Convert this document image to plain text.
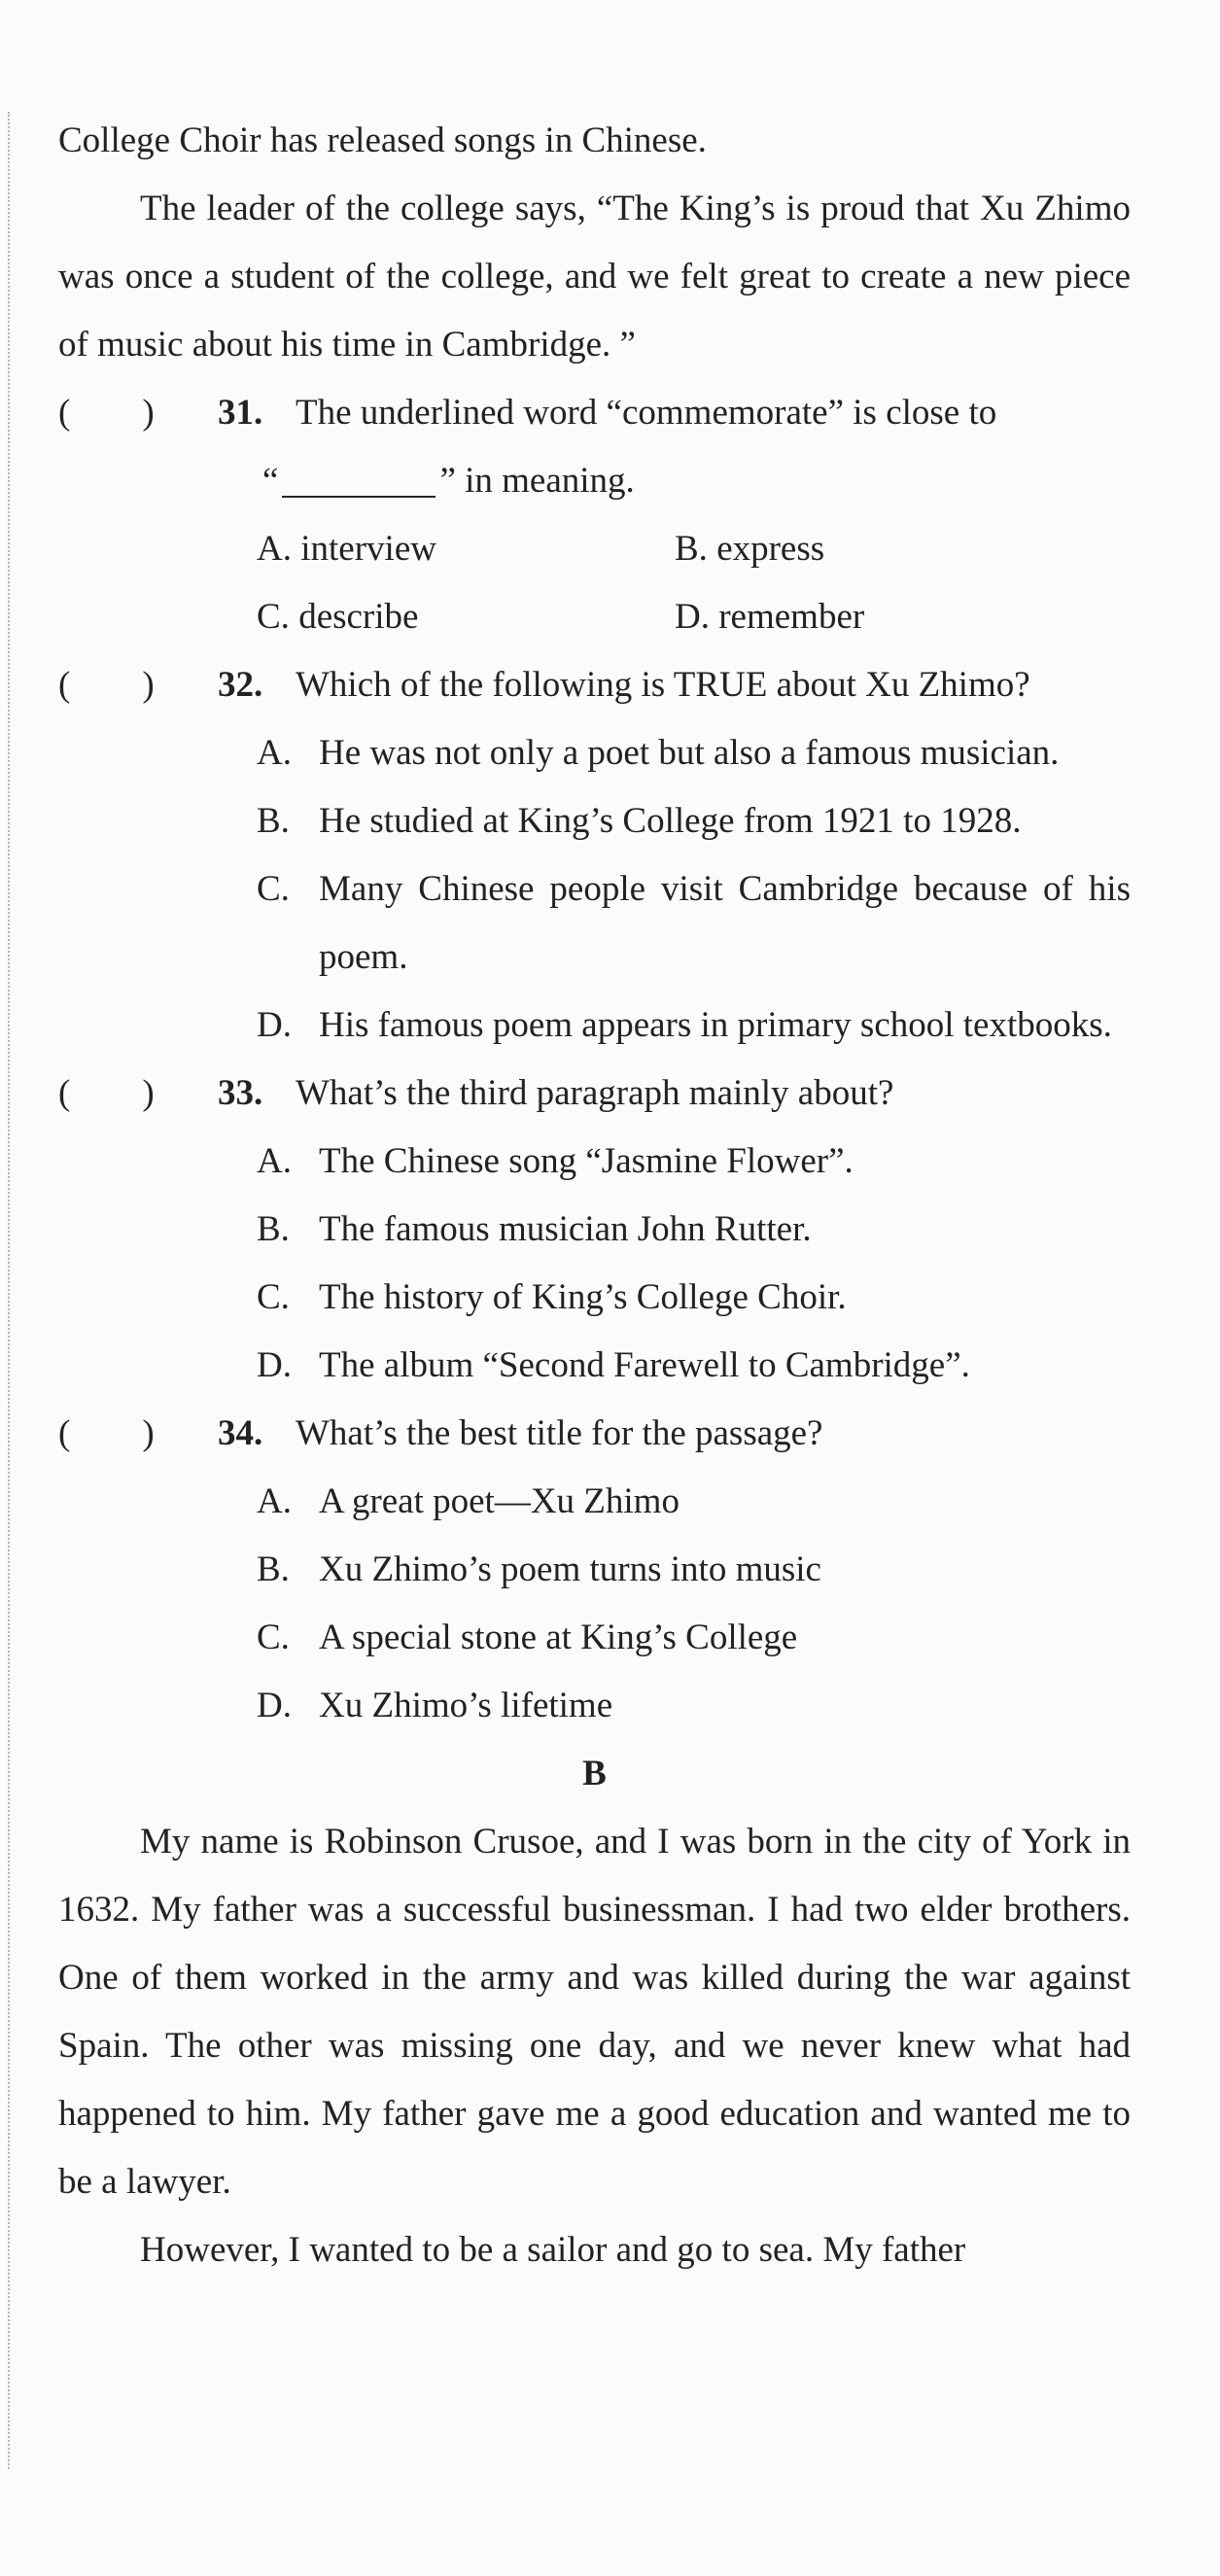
College Choir has released songs in Chinese.

The leader of the college says, “The King’s is proud that Xu Zhimo was once a student of the college, and we felt great to create a new piece of music about his time in Cambridge. ”

(        )	31. The underlined word “commemorate” is close to
“	” in meaning.
A. interview	B. express
C. describe	D. remember
(        )	32. Which of the following is TRUE about Xu Zhimo?
A. He was not only a poet but also a famous musician.
B. He studied at King’s College from 1921 to 1928.
C. Many Chinese people visit Cambridge because of his poem.
D. His famous poem appears in primary school textbooks.
(        )	33. What’s the third paragraph mainly about?
A. The Chinese song “Jasmine Flower”.
B. The famous musician John Rutter.
C. The history of King’s College Choir.
D. The album “Second Farewell to Cambridge”.
(        )	34. What’s the best title for the passage?
A. A great poet—Xu Zhimo
B. Xu Zhimo’s poem turns into music
C. A special stone at King’s College
D. Xu Zhimo’s lifetime

B

My name is Robinson Crusoe, and I was born in the city of York in 1632. My father was a successful businessman. I had two elder brothers. One of them worked in the army and was killed during the war against Spain. The other was missing one day, and we never knew what had happened to him. My father gave me a good education and wanted me to be a lawyer.

However, I wanted to be a sailor and go to sea. My father
